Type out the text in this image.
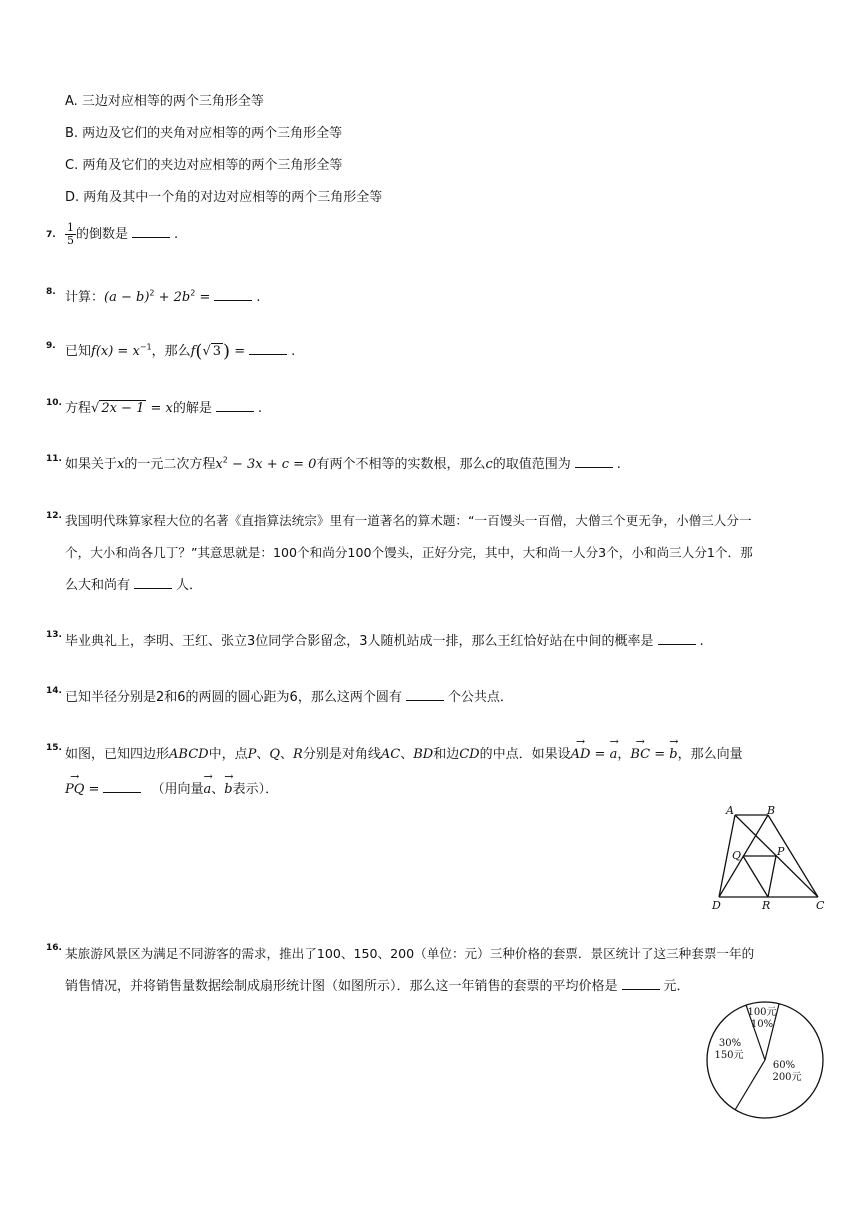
A. 三边对应相等的两个三角形全等
B. 两边及它们的夹角对应相等的两个三角形全等
C. 两角及它们的夹边对应相等的两个三角形全等
D. 两角及其中一个角的对边对应相等的两个三角形全等
7. $\frac{1}{5}$ 的倒数是	.
8. 计算：$(a - b)^2 + 2b^2$ =	.
9. 已知$f(x) = x^{-1}$，那么f(√ 3 ) =	.
10. 方程√ 2x − 1 = x的解是	.
11. 如果关于x的一元二次方程$x^2 - 3x + c = 0$有两个不相等的实数根，那么c的取值范围为	.
12. 我国明代珠算家程大位的名著《直指算法统宗》里有一道著名的算术题：“一百馒头一百僧，大僧三个更无争，小僧三人分一
个，大小和尚各几丁？”其意思就是：100个和尚分100个馒头，正好分完，其中，大和尚一人分3个，小和尚三人分1个．那
么大和尚有	人．
13. 毕业典礼上，李明、王红、张立3位同学合影留念，3人随机站成一排，那么王红恰好站在中间的概率是	.
14. 已知半径分别是2和6的两圆的圆心距为6，那么这两个圆有	个公共点．
15. 如图，已知四边形ABCD中，点P、Q、R分别是对角线AC、BD和边CD的中点．如果设→ AD = → a，→ BC = → b，那么向量
→ PQ =	（用向量→ a、→ b表示）．
A	B
C
D
P
Q
R
16. 某旅游风景区为满足不同游客的需求，推出了100、150、200（单位：元）三种价格的套票．景区统计了这三种套票一年的
销售情况，并将销售量数据绘制成扇形统计图（如图所示）．那么这一年销售的套票的平均价格是	元．
100元
10%
30%
150元
60%
200元
